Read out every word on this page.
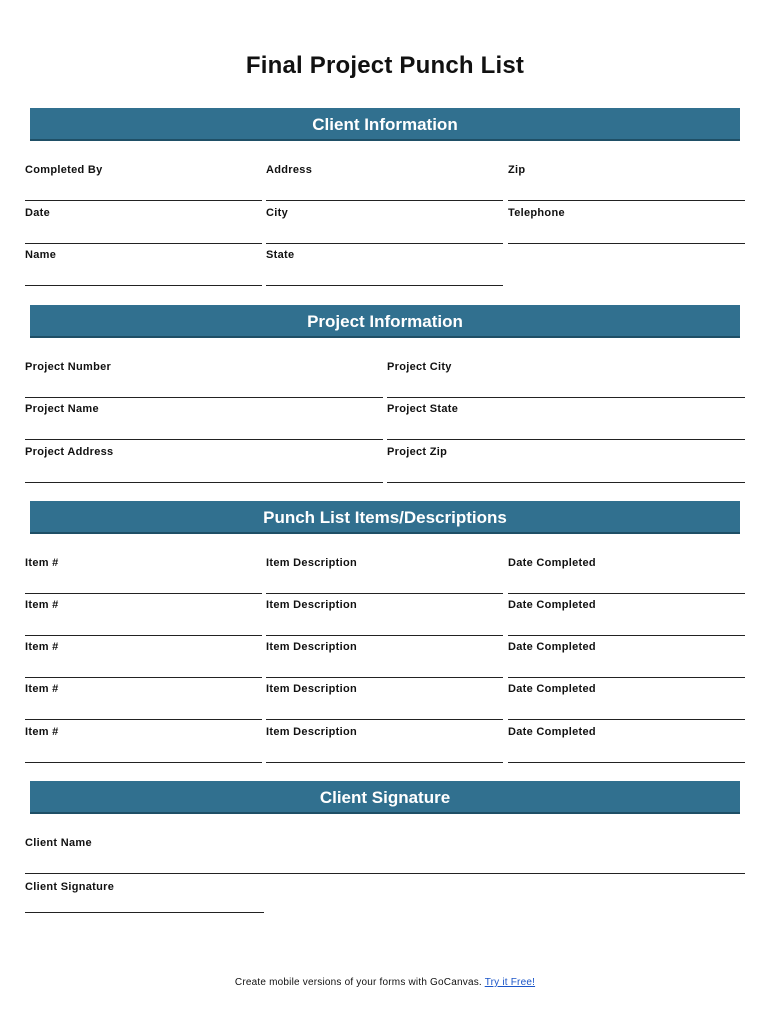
Final Project Punch List
Client Information
Completed By	Address	Zip
Date	City	Telephone
Name	State
Project Information
Project Number	Project City
Project Name	Project State
Project Address	Project Zip
Punch List Items/Descriptions
Item #	Item Description	Date Completed
Item #	Item Description	Date Completed
Item #	Item Description	Date Completed
Item #	Item Description	Date Completed
Item #	Item Description	Date Completed
Client Signature
Client Name
Client Signature
Create mobile versions of your forms with GoCanvas. Try it Free!
